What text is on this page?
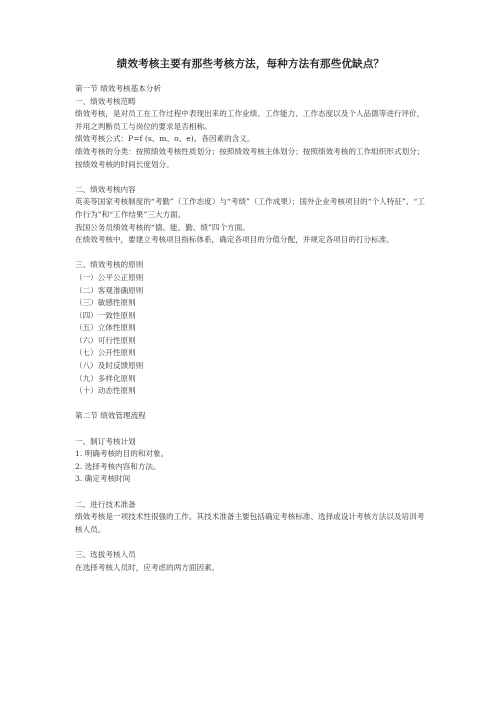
绩效考核主要有那些考核方法，每种方法有那些优缺点？
第一节 绩效考核基本分析
一、绩效考核范畴
绩效考核，是对员工在工作过程中表现出来的工作业绩、工作能力、工作态度以及个人品德等进行评价，并用之判断员工与岗位的要求是否相称。
绩效考核公式：P=f (s、m、o、e)。各因素的含义。
绩效考核的分类：按照绩效考核性质划分；按照绩效考核主体划分；按照绩效考核的工作组织形式划分；按绩效考核的时间长度划分。
二、绩效考核内容
英美等国家考核制度的“考勤”（工作态度）与“考绩”（工作成果）；国外企业考核项目的“个人特征”、“工作行为”和“工作结果”三大方面。
我国公务员绩效考核的“德、能、勤、绩”四个方面。
在绩效考核中，要建立考核项目指标体系，确定各项目的分值分配，并规定各项目的打分标准。
三、绩效考核的原则
（一）公平公正原则
（二）客观准确原则
（三）敏感性原则
（四）一致性原则
（五）立体性原则
（六）可行性原则
（七）公开性原则
（八）及时反馈原则
（九）多样化原则
（十）动态性原则
第二节 绩效管理流程
一、制订考核计划
1. 明确考核的目的和对象。
2. 选择考核内容和方法。
3. 确定考核时间
二、进行技术准备
绩效考核是一项技术性很强的工作。其技术准备主要包括确定考核标准、选择或设计考核方法以及培训考核人员。
三、选拔考核人员
在选择考核人员时，应考虑的两方面因素。
